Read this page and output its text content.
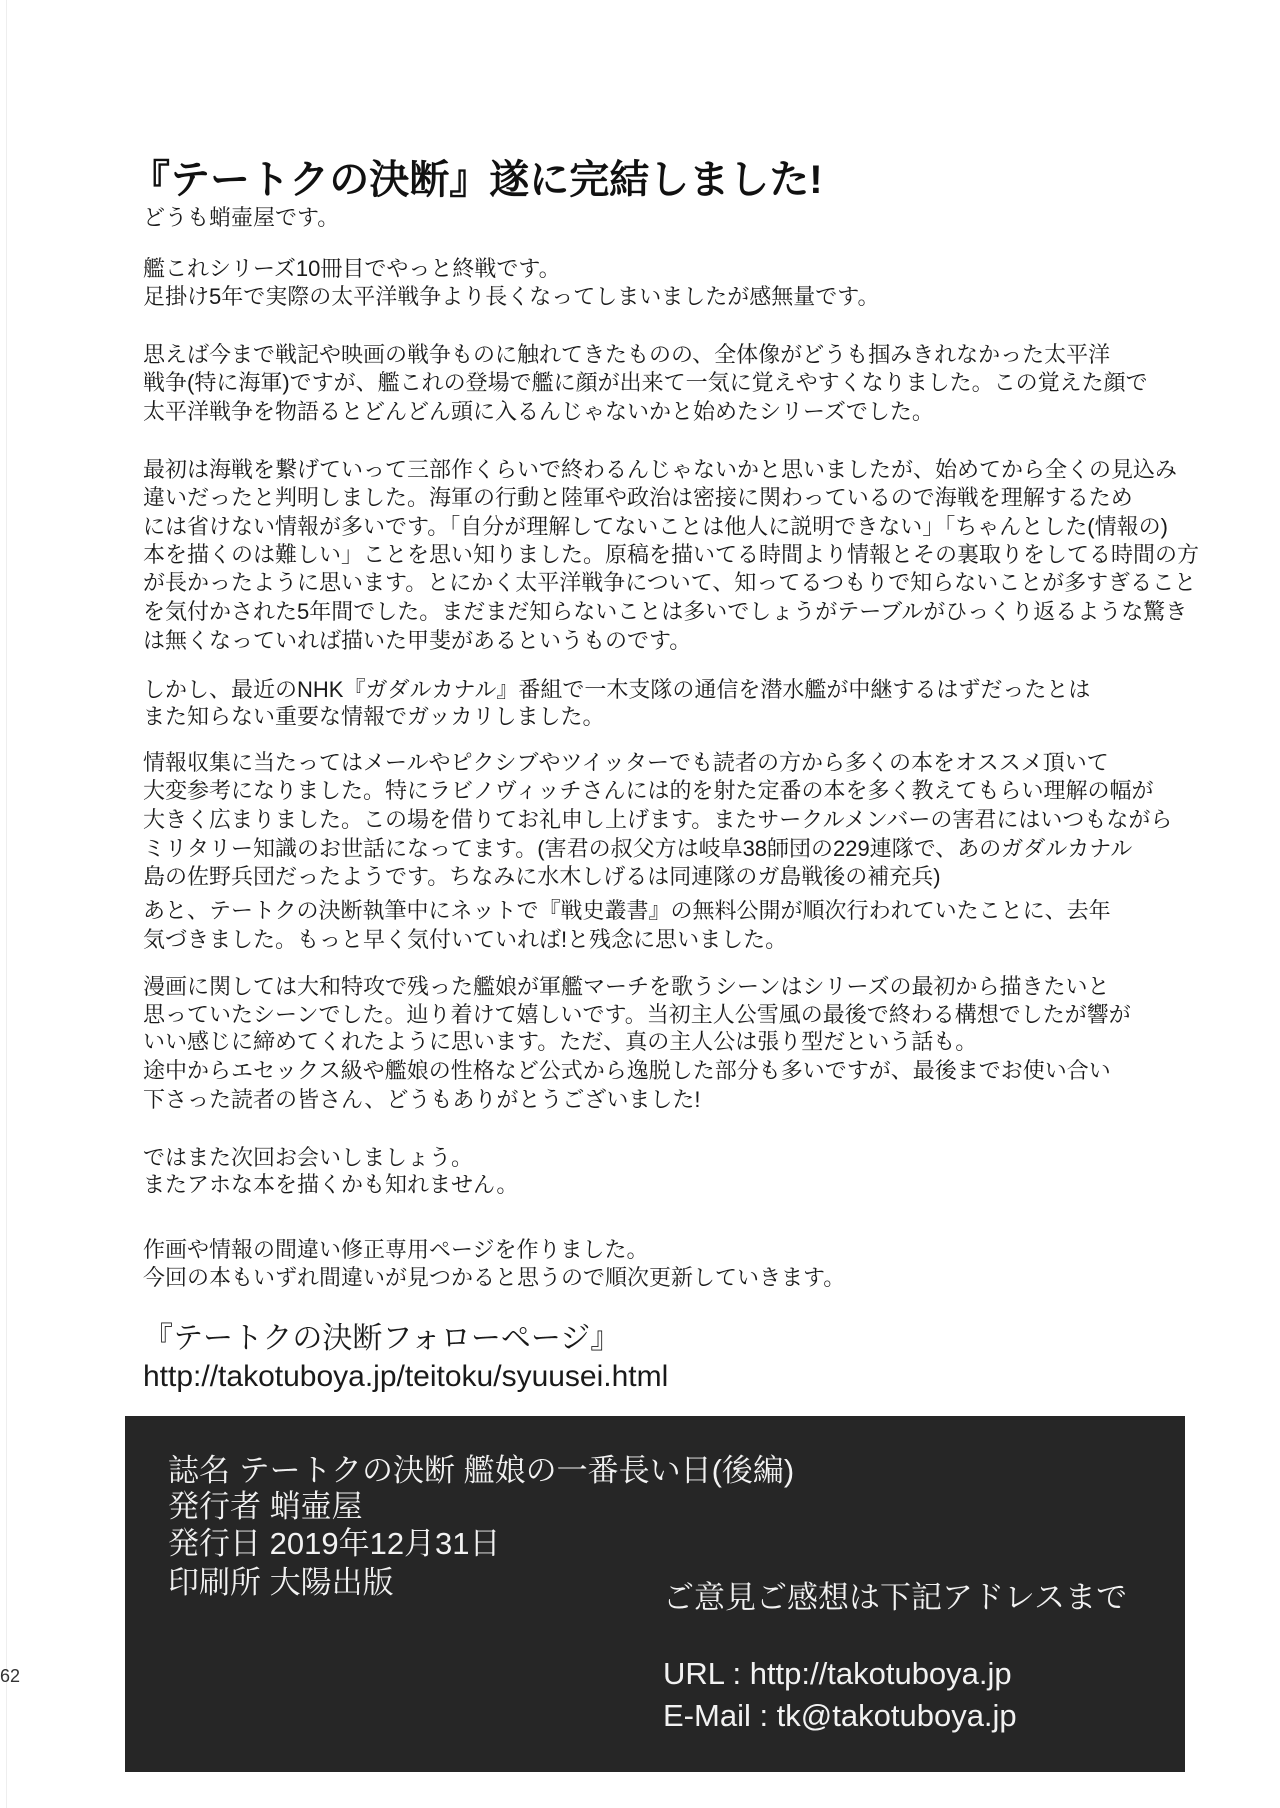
『テートクの決断』遂に完結しました!
どうも蛸壷屋です。
艦これシリーズ10冊目でやっと終戦です。
足掛け5年で実際の太平洋戦争より長くなってしまいましたが感無量です。
思えば今まで戦記や映画の戦争ものに触れてきたものの、全体像がどうも掴みきれなかった太平洋
戦争(特に海軍)ですが、艦これの登場で艦に顔が出来て一気に覚えやすくなりました。この覚えた顔で
太平洋戦争を物語るとどんどん頭に入るんじゃないかと始めたシリーズでした。
最初は海戦を繋げていって三部作くらいで終わるんじゃないかと思いましたが、始めてから全くの見込み
違いだったと判明しました。海軍の行動と陸軍や政治は密接に関わっているので海戦を理解するため
には省けない情報が多いです。「自分が理解してないことは他人に説明できない」「ちゃんとした(情報の)
本を描くのは難しい」ことを思い知りました。原稿を描いてる時間より情報とその裏取りをしてる時間の方
が長かったように思います。とにかく太平洋戦争について、知ってるつもりで知らないことが多すぎること
を気付かされた5年間でした。まだまだ知らないことは多いでしょうがテーブルがひっくり返るような驚き
は無くなっていれば描いた甲斐があるというものです。
しかし、最近のNHK『ガダルカナル』番組で一木支隊の通信を潜水艦が中継するはずだったとは
また知らない重要な情報でガッカリしました。
情報収集に当たってはメールやピクシブやツイッターでも読者の方から多くの本をオススメ頂いて
大変参考になりました。特にラビノヴィッチさんには的を射た定番の本を多く教えてもらい理解の幅が
大きく広まりました。この場を借りてお礼申し上げます。またサークルメンバーの害君にはいつもながら
ミリタリー知識のお世話になってます。(害君の叔父方は岐阜38師団の229連隊で、あのガダルカナル
島の佐野兵団だったようです。ちなみに水木しげるは同連隊のガ島戦後の補充兵)
あと、テートクの決断執筆中にネットで『戦史叢書』の無料公開が順次行われていたことに、去年
気づきました。もっと早く気付いていれば!と残念に思いました。
漫画に関しては大和特攻で残った艦娘が軍艦マーチを歌うシーンはシリーズの最初から描きたいと
思っていたシーンでした。辿り着けて嬉しいです。当初主人公雪風の最後で終わる構想でしたが響が
いい感じに締めてくれたように思います。ただ、真の主人公は張り型だという話も。
途中からエセックス級や艦娘の性格など公式から逸脱した部分も多いですが、最後までお使い合い
下さった読者の皆さん、どうもありがとうございました!
ではまた次回お会いしましょう。
またアホな本を描くかも知れません。
作画や情報の間違い修正専用ページを作りました。
今回の本もいずれ間違いが見つかると思うので順次更新していきます。
『テートクの決断フォローページ』
http://takotuboya.jp/teitoku/syuusei.html
誌名 テートクの決断 艦娘の一番長い日(後編)
発行者 蛸壷屋
発行日 2019年12月31日
印刷所 大陽出版	ご意見ご感想は下記アドレスまで
URL : http://takotuboya.jp
E-Mail : tk@takotuboya.jp
62
